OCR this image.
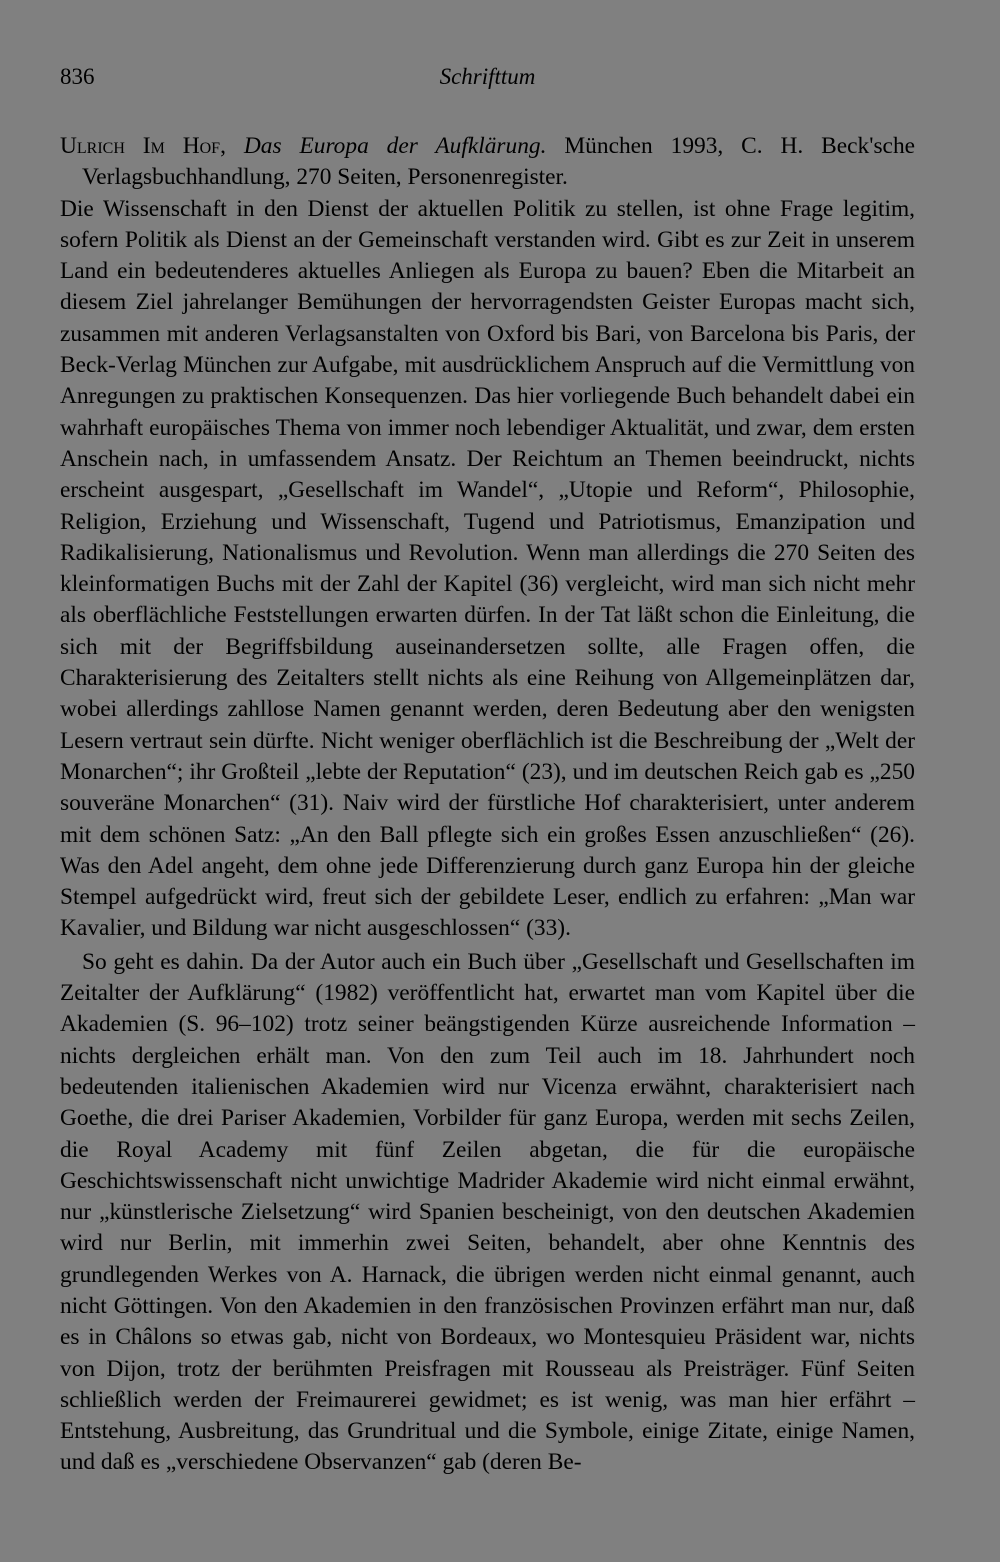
836	Schrifttum

Ulrich Im Hof, Das Europa der Aufklärung. München 1993, C. H. Beck'sche Verlagsbuchhandlung, 270 Seiten, Personenregister.

Die Wissenschaft in den Dienst der aktuellen Politik zu stellen, ist ohne Frage legitim, sofern Politik als Dienst an der Gemeinschaft verstanden wird. Gibt es zur Zeit in unserem Land ein bedeutenderes aktuelles Anliegen als Europa zu bauen? Eben die Mitarbeit an diesem Ziel jahrelanger Bemühungen der hervorragendsten Geister Europas macht sich, zusammen mit anderen Verlagsanstalten von Oxford bis Bari, von Barcelona bis Paris, der Beck-Verlag München zur Aufgabe, mit ausdrücklichem Anspruch auf die Vermittlung von Anregungen zu praktischen Konsequenzen. Das hier vorliegende Buch behandelt dabei ein wahrhaft europäisches Thema von immer noch lebendiger Aktualität, und zwar, dem ersten Anschein nach, in umfassendem Ansatz. Der Reichtum an Themen beeindruckt, nichts erscheint ausgespart, „Gesellschaft im Wandel“, „Utopie und Reform“, Philosophie, Religion, Erziehung und Wissenschaft, Tugend und Patriotismus, Emanzipation und Radikalisierung, Nationalismus und Revolution. Wenn man allerdings die 270 Seiten des kleinformatigen Buchs mit der Zahl der Kapitel (36) vergleicht, wird man sich nicht mehr als oberflächliche Feststellungen erwarten dürfen. In der Tat läßt schon die Einleitung, die sich mit der Begriffsbildung auseinandersetzen sollte, alle Fragen offen, die Charakterisierung des Zeitalters stellt nichts als eine Reihung von Allgemeinplätzen dar, wobei allerdings zahllose Namen genannt werden, deren Bedeutung aber den wenigsten Lesern vertraut sein dürfte. Nicht weniger oberflächlich ist die Beschreibung der „Welt der Monarchen“; ihr Großteil „lebte der Reputation“ (23), und im deutschen Reich gab es „250 souveräne Monarchen“ (31). Naiv wird der fürstliche Hof charakterisiert, unter anderem mit dem schönen Satz: „An den Ball pflegte sich ein großes Essen anzuschließen“ (26). Was den Adel angeht, dem ohne jede Differenzierung durch ganz Europa hin der gleiche Stempel aufgedrückt wird, freut sich der gebildete Leser, endlich zu erfahren: „Man war Kavalier, und Bildung war nicht ausgeschlossen“ (33).

So geht es dahin. Da der Autor auch ein Buch über „Gesellschaft und Gesellschaften im Zeitalter der Aufklärung“ (1982) veröffentlicht hat, erwartet man vom Kapitel über die Akademien (S. 96–102) trotz seiner beängstigenden Kürze ausreichende Information – nichts dergleichen erhält man. Von den zum Teil auch im 18. Jahrhundert noch bedeutenden italienischen Akademien wird nur Vicenza erwähnt, charakterisiert nach Goethe, die drei Pariser Akademien, Vorbilder für ganz Europa, werden mit sechs Zeilen, die Royal Academy mit fünf Zeilen abgetan, die für die europäische Geschichtswissenschaft nicht unwichtige Madrider Akademie wird nicht einmal erwähnt, nur „künstlerische Zielsetzung“ wird Spanien bescheinigt, von den deutschen Akademien wird nur Berlin, mit immerhin zwei Seiten, behandelt, aber ohne Kenntnis des grundlegenden Werkes von A. Harnack, die übrigen werden nicht einmal genannt, auch nicht Göttingen. Von den Akademien in den französischen Provinzen erfährt man nur, daß es in Châlons so etwas gab, nicht von Bordeaux, wo Montesquieu Präsident war, nichts von Dijon, trotz der berühmten Preisfragen mit Rousseau als Preisträger. Fünf Seiten schließlich werden der Freimaurerei gewidmet; es ist wenig, was man hier erfährt – Entstehung, Ausbreitung, das Grundritual und die Symbole, einige Zitate, einige Namen, und daß es „verschiedene Observanzen“ gab (deren Be-
